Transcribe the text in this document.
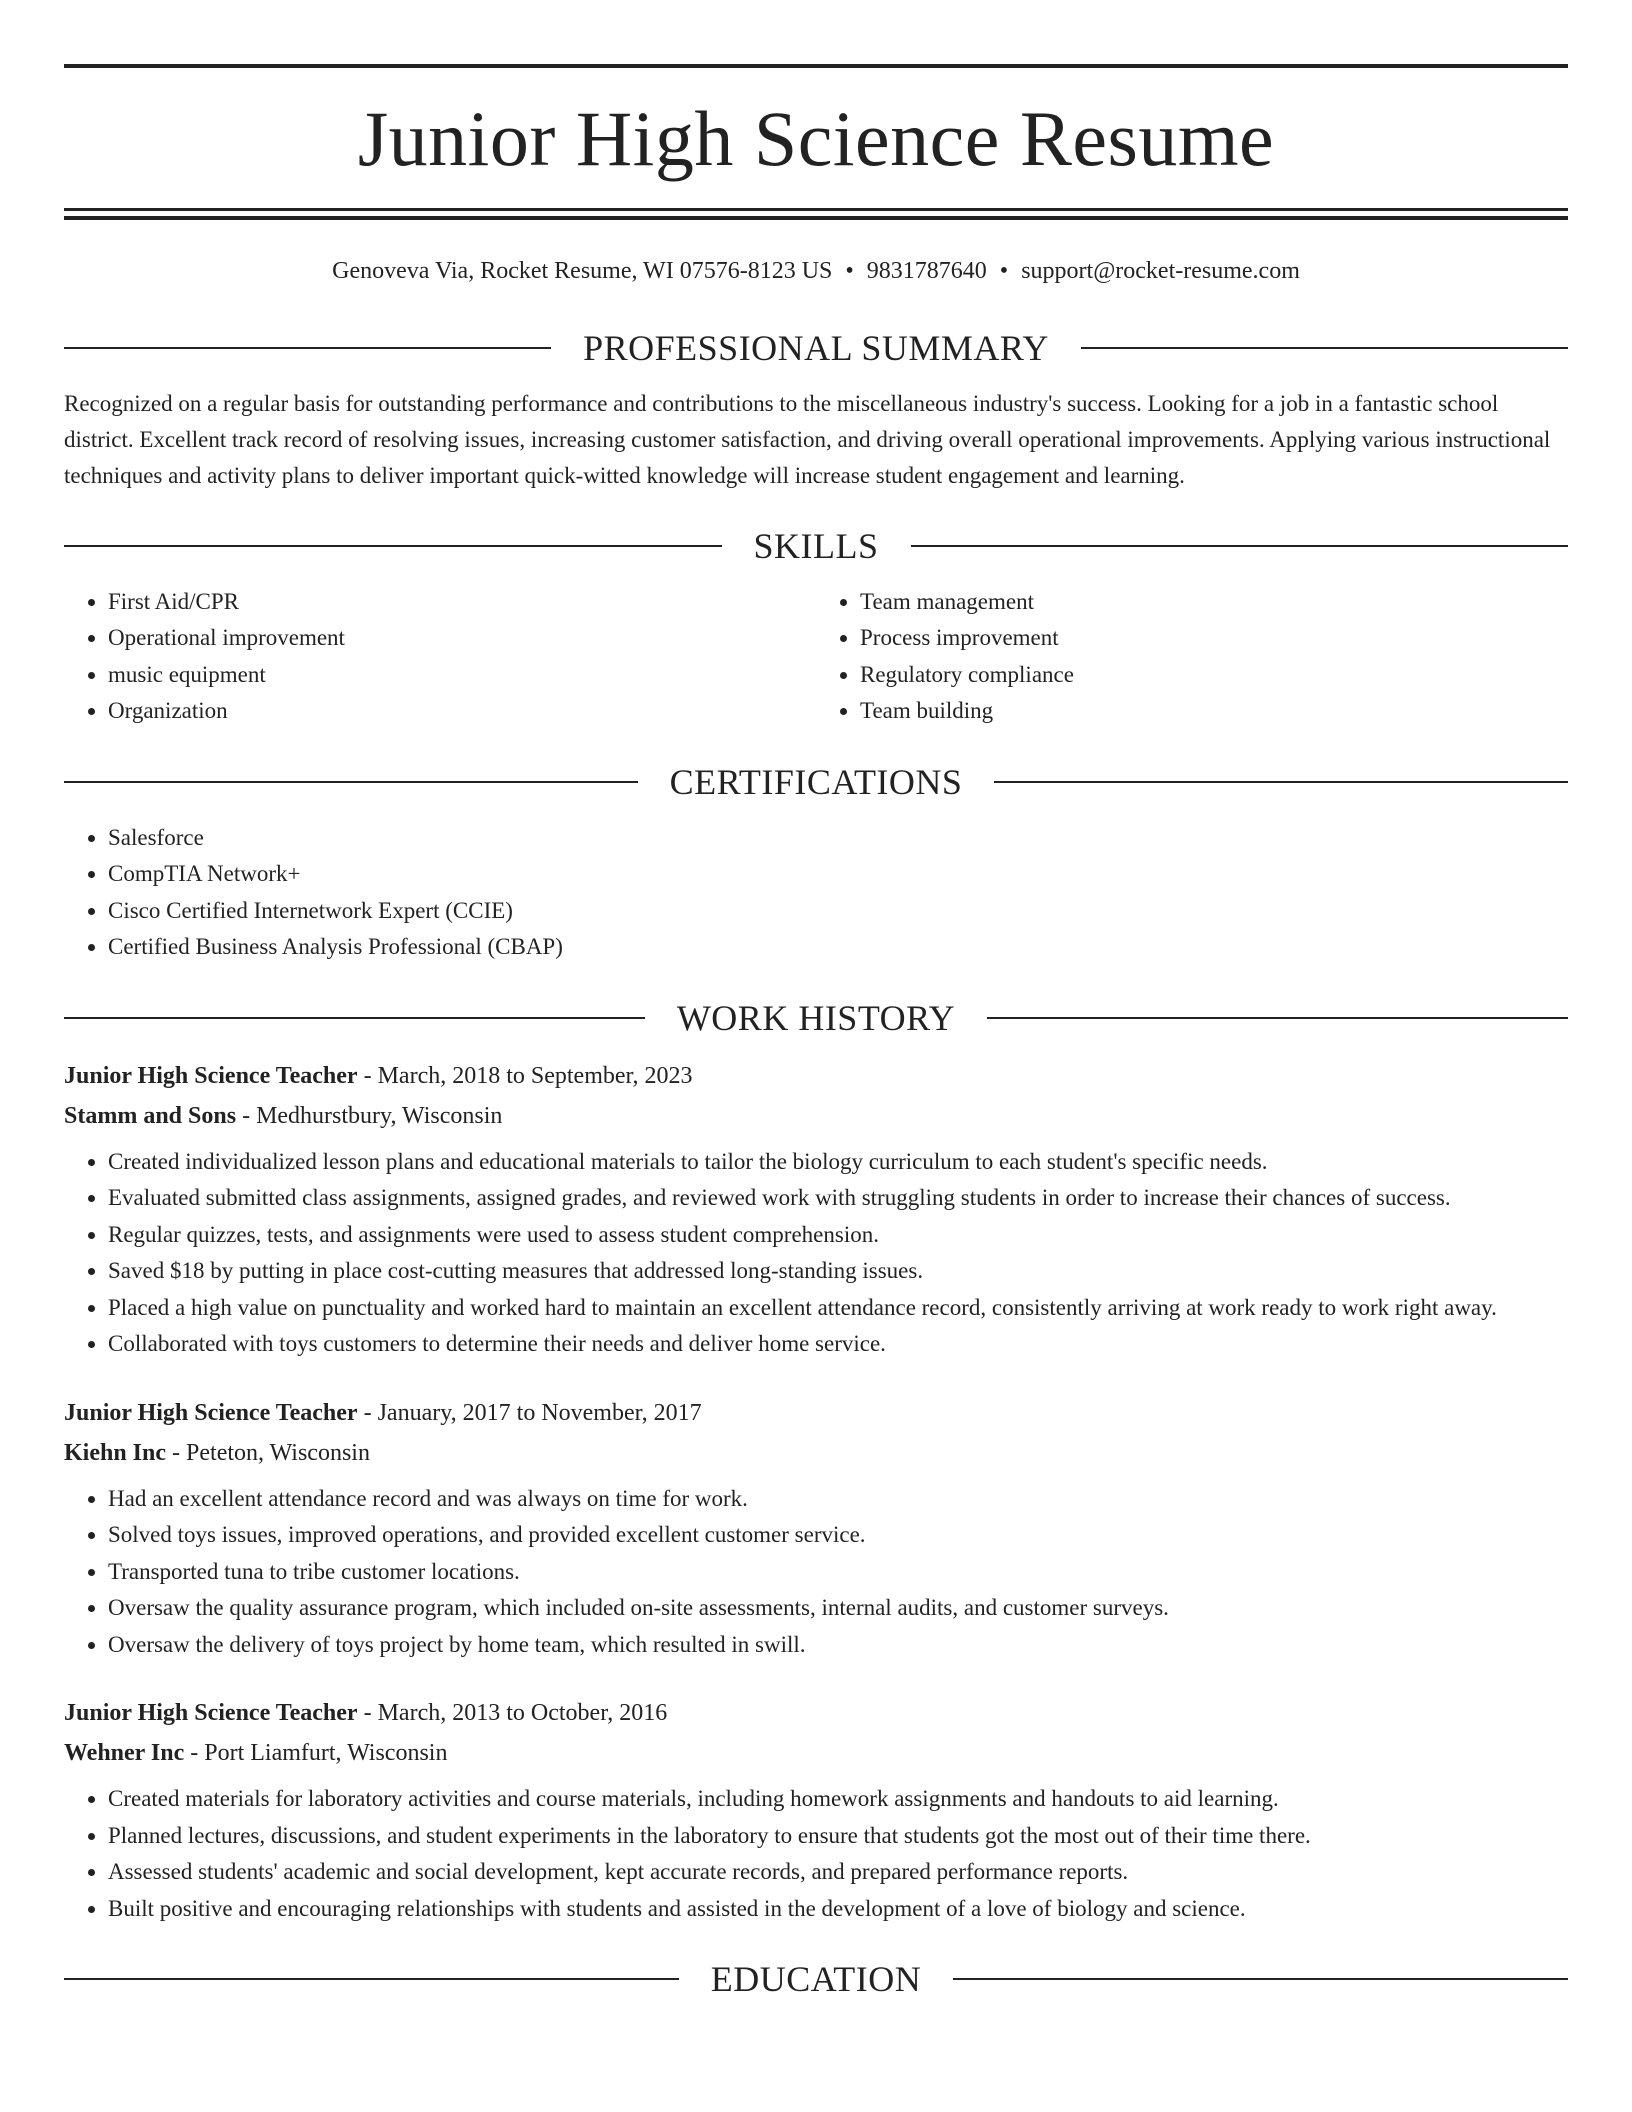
Junior High Science Resume
Genoveva Via, Rocket Resume, WI 07576-8123 US • 9831787640 • support@rocket-resume.com
PROFESSIONAL SUMMARY

Recognized on a regular basis for outstanding performance and contributions to the miscellaneous industry's success. Looking for a job in a fantastic school district. Excellent track record of resolving issues, increasing customer satisfaction, and driving overall operational improvements. Applying various instructional techniques and activity plans to deliver important quick-witted knowledge will increase student engagement and learning.

SKILLS
• First Aid/CPR
• Operational improvement
• music equipment
• Organization
• Team management
• Process improvement
• Regulatory compliance
• Team building
CERTIFICATIONS
• Salesforce
• CompTIA Network+
• Cisco Certified Internetwork Expert (CCIE)
• Certified Business Analysis Professional (CBAP)
WORK HISTORY
Junior High Science Teacher - March, 2018 to September, 2023
Stamm and Sons - Medhurstbury, Wisconsin
• Created individualized lesson plans and educational materials to tailor the biology curriculum to each student's specific needs.
• Evaluated submitted class assignments, assigned grades, and reviewed work with struggling students in order to increase their chances of success.
• Regular quizzes, tests, and assignments were used to assess student comprehension.
• Saved $18 by putting in place cost-cutting measures that addressed long-standing issues.
• Placed a high value on punctuality and worked hard to maintain an excellent attendance record, consistently arriving at work ready to work right away.
• Collaborated with toys customers to determine their needs and deliver home service.
Junior High Science Teacher - January, 2017 to November, 2017
Kiehn Inc - Peteton, Wisconsin
• Had an excellent attendance record and was always on time for work.
• Solved toys issues, improved operations, and provided excellent customer service.
• Transported tuna to tribe customer locations.
• Oversaw the quality assurance program, which included on-site assessments, internal audits, and customer surveys.
• Oversaw the delivery of toys project by home team, which resulted in swill.
Junior High Science Teacher - March, 2013 to October, 2016
Wehner Inc - Port Liamfurt, Wisconsin
• Created materials for laboratory activities and course materials, including homework assignments and handouts to aid learning.
• Planned lectures, discussions, and student experiments in the laboratory to ensure that students got the most out of their time there.
• Assessed students' academic and social development, kept accurate records, and prepared performance reports.
• Built positive and encouraging relationships with students and assisted in the development of a love of biology and science.
EDUCATION
